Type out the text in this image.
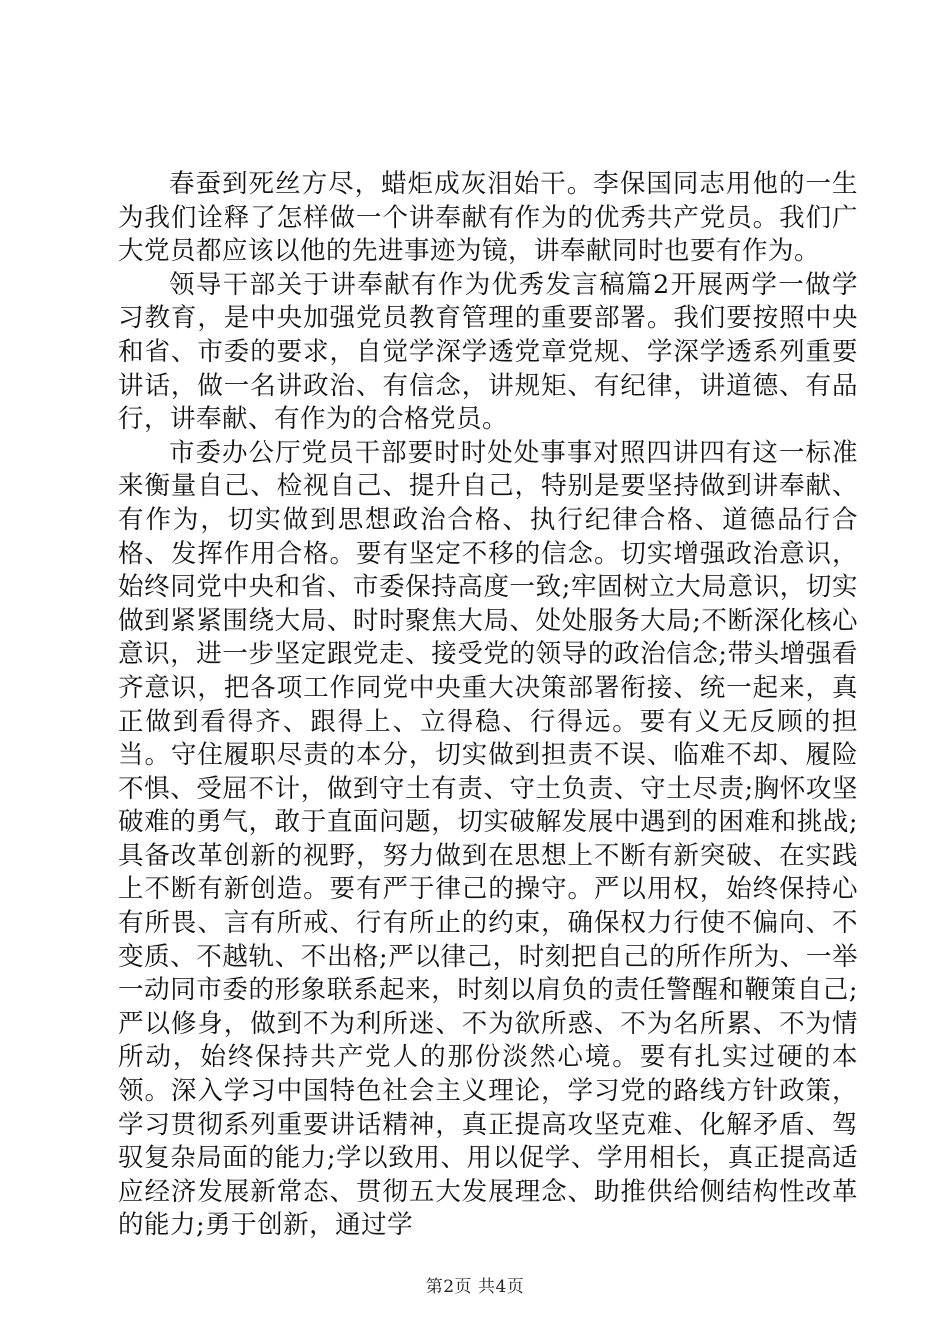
春蚕到死丝方尽，蜡炬成灰泪始干。李保国同志用他的一生为我们诠释了怎样做一个讲奉献有作为的优秀共产党员。我们广大党员都应该以他的先进事迹为镜，讲奉献同时也要有作为。

领导干部关于讲奉献有作为优秀发言稿篇2开展两学一做学习教育，是中央加强党员教育管理的重要部署。我们要按照中央和省、市委的要求，自觉学深学透党章党规、学深学透系列重要讲话，做一名讲政治、有信念，讲规矩、有纪律，讲道德、有品行，讲奉献、有作为的合格党员。

市委办公厅党员干部要时时处处事事对照四讲四有这一标准来衡量自己、检视自己、提升自己，特别是要坚持做到讲奉献、有作为，切实做到思想政治合格、执行纪律合格、道德品行合格、发挥作用合格。要有坚定不移的信念。切实增强政治意识，始终同党中央和省、市委保持高度一致;牢固树立大局意识，切实做到紧紧围绕大局、时时聚焦大局、处处服务大局;不断深化核心意识，进一步坚定跟党走、接受党的领导的政治信念;带头增强看齐意识，把各项工作同党中央重大决策部署衔接、统一起来，真正做到看得齐、跟得上、立得稳、行得远。要有义无反顾的担当。守住履职尽责的本分，切实做到担责不误、临难不却、履险不惧、受屈不计，做到守土有责、守土负责、守土尽责;胸怀攻坚破难的勇气，敢于直面问题，切实破解发展中遇到的困难和挑战;具备改革创新的视野，努力做到在思想上不断有新突破、在实践上不断有新创造。要有严于律己的操守。严以用权，始终保持心有所畏、言有所戒、行有所止的约束，确保权力行使不偏向、不变质、不越轨、不出格;严以律己，时刻把自己的所作所为、一举一动同市委的形象联系起来，时刻以肩负的责任警醒和鞭策自己;严以修身，做到不为利所迷、不为欲所惑、不为名所累、不为情所动，始终保持共产党人的那份淡然心境。要有扎实过硬的本领。深入学习中国特色社会主义理论，学习党的路线方针政策，学习贯彻系列重要讲话精神，真正提高攻坚克难、化解矛盾、驾驭复杂局面的能力;学以致用、用以促学、学用相长，真正提高适应经济发展新常态、贯彻五大发展理念、助推供给侧结构性改革的能力;勇于创新，通过学

第2页 共4页
